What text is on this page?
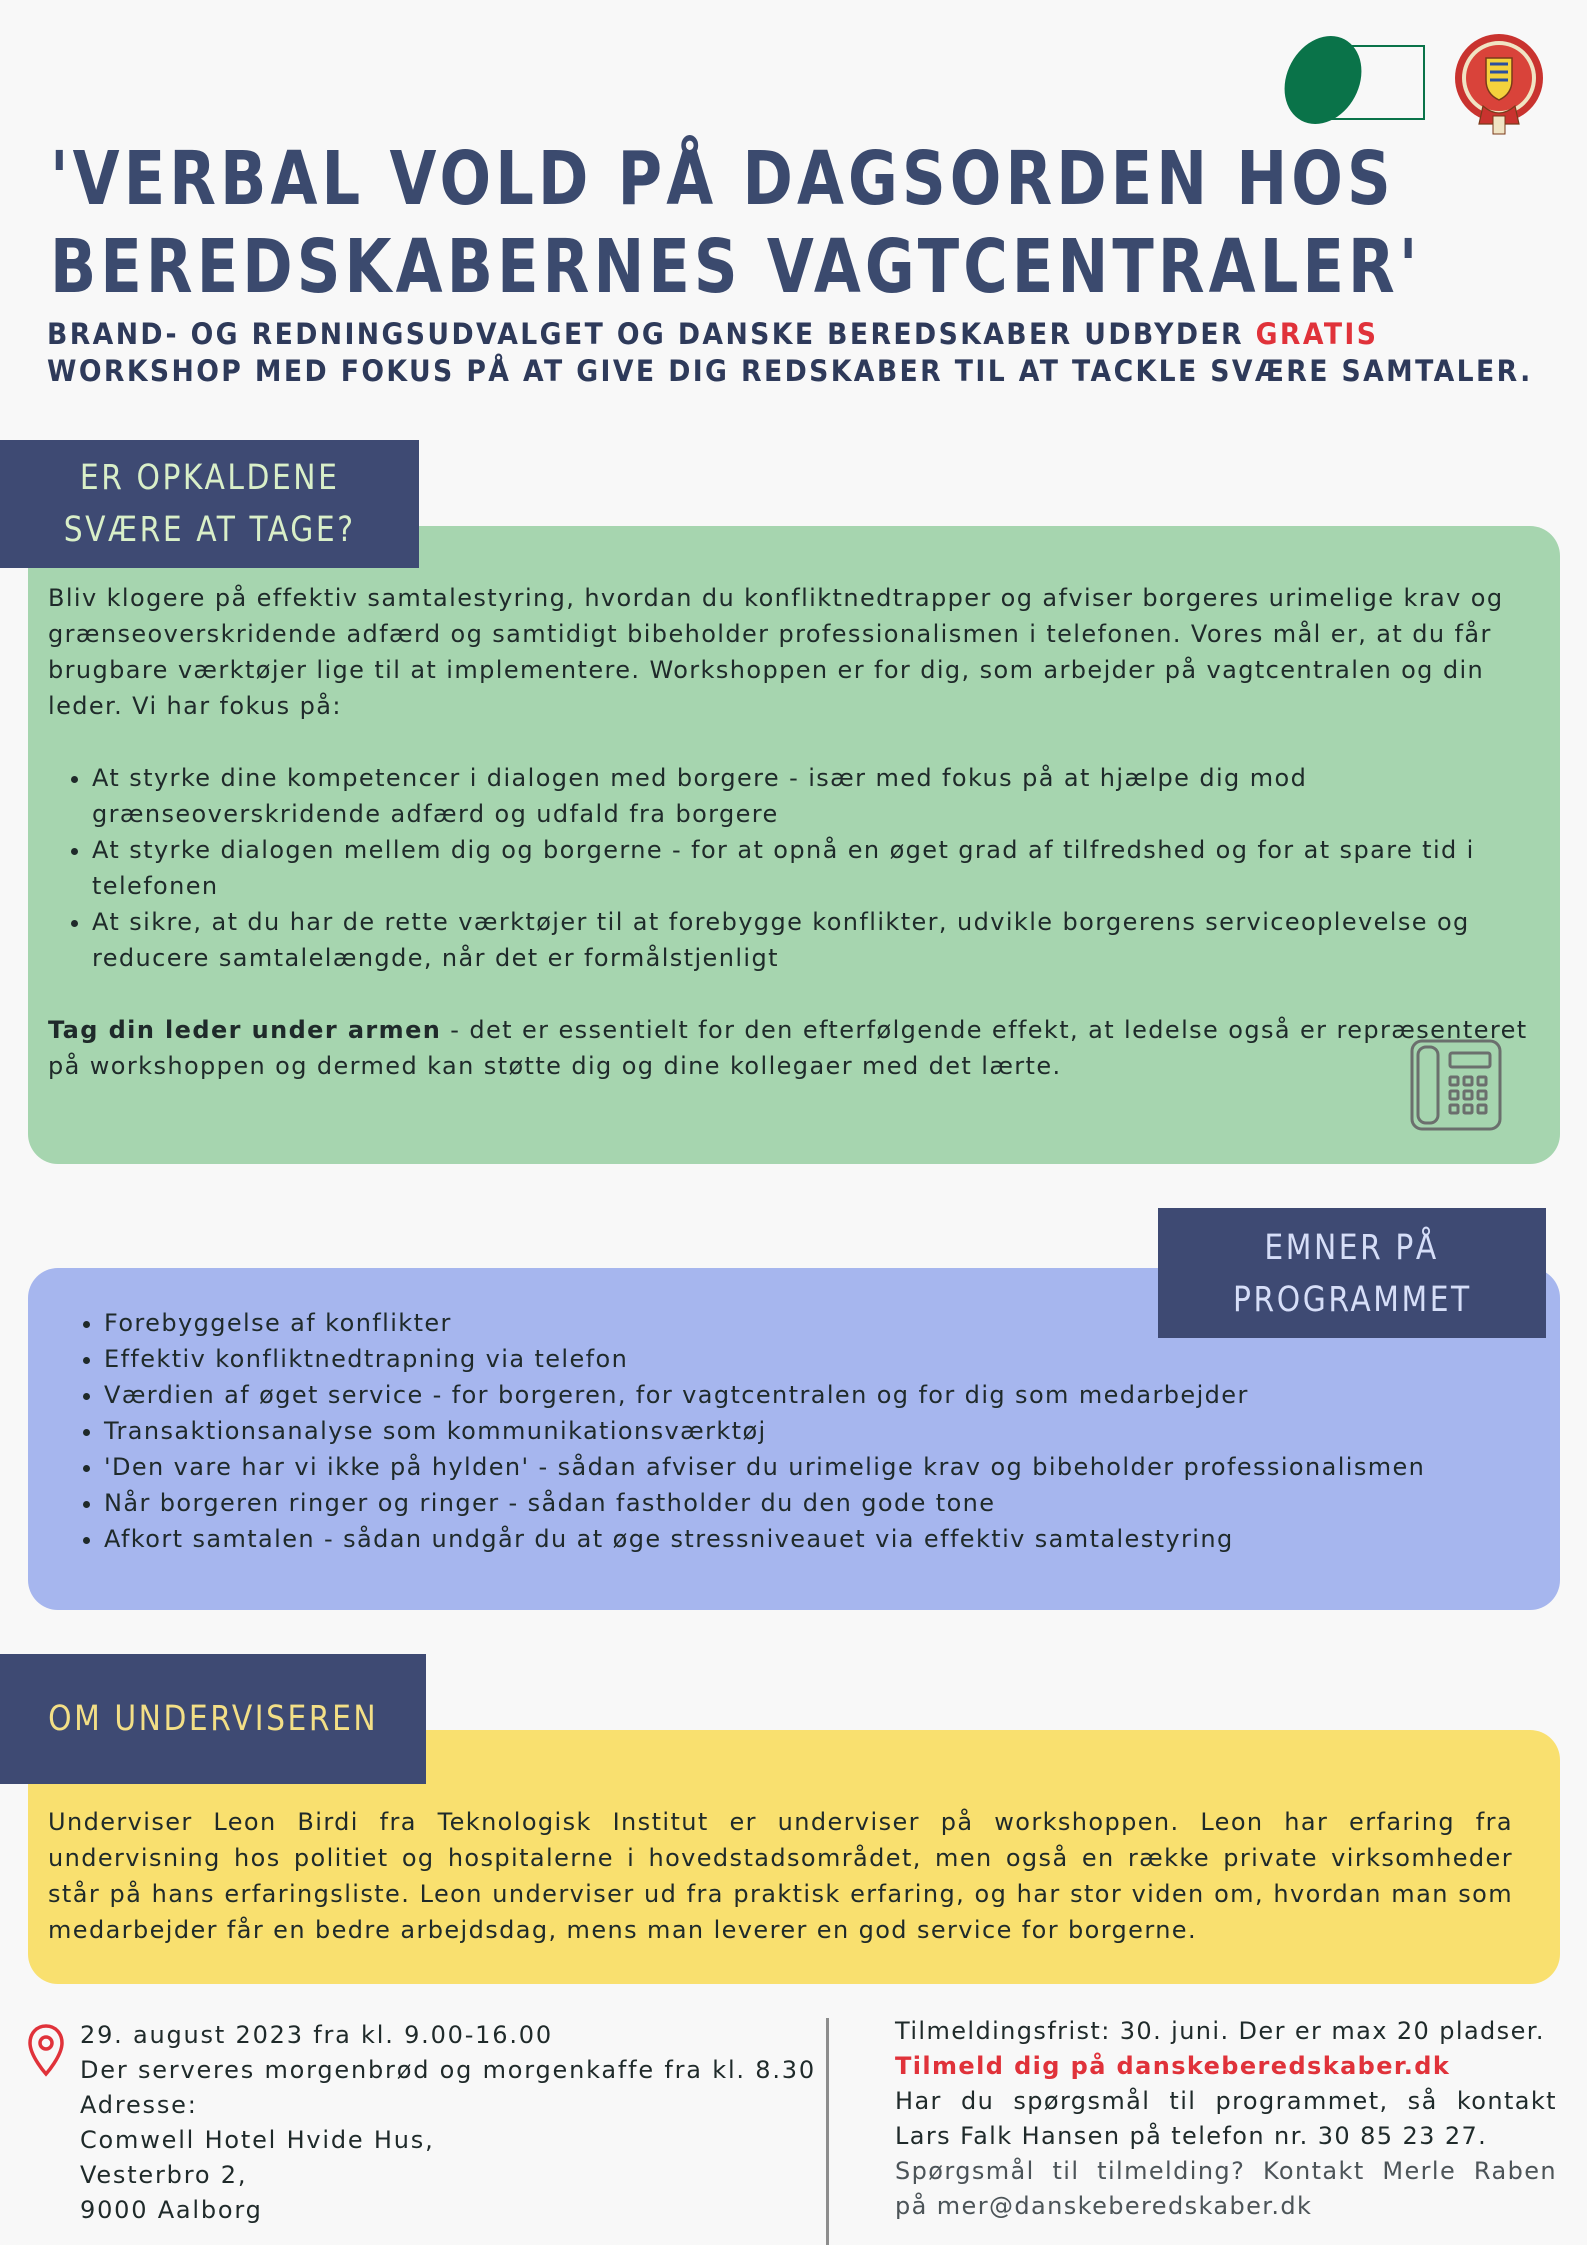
'VERBAL VOLD PÅ DAGSORDEN HOS
BEREDSKABERNES VAGTCENTRALER'
BRAND- OG REDNINGSUDVALGET OG DANSKE BEREDSKABER UDBYDER GRATIS
WORKSHOP MED FOKUS PÅ AT GIVE DIG REDSKABER TIL AT TACKLE SVÆRE SAMTALER.
ER OPKALDENE
SVÆRE AT TAGE?

Bliv klogere på effektiv samtalestyring, hvordan du konfliktnedtrapper og afviser borgeres urimelige krav og grænseoverskridende adfærd og samtidigt bibeholder professionalismen i telefonen. Vores mål er, at du får brugbare værktøjer lige til at implementere. Workshoppen er for dig, som arbejder på vagtcentralen og din leder. Vi har fokus på:

• At styrke dine kompetencer i dialogen med borgere - især med fokus på at hjælpe dig mod grænseoverskridende adfærd og udfald fra borgere
• At styrke dialogen mellem dig og borgerne - for at opnå en øget grad af tilfredshed og for at spare tid i telefonen
• At sikre, at du har de rette værktøjer til at forebygge konflikter, udvikle borgerens serviceoplevelse og reducere samtalelængde, når det er formålstjenligt

Tag din leder under armen - det er essentielt for den efterfølgende effekt, at ledelse også er repræsenteret på workshoppen og dermed kan støtte dig og dine kollegaer med det lærte.

EMNER PÅ
PROGRAMMET
• Forebyggelse af konflikter
• Effektiv konfliktnedtrapning via telefon
• Værdien af øget service - for borgeren, for vagtcentralen og for dig som medarbejder
• Transaktionsanalyse som kommunikationsværktøj
• 'Den vare har vi ikke på hylden' - sådan afviser du urimelige krav og bibeholder professionalismen
• Når borgeren ringer og ringer - sådan fastholder du den gode tone
• Afkort samtalen - sådan undgår du at øge stressniveauet via effektiv samtalestyring
OM UNDERVISEREN

Underviser Leon Birdi fra Teknologisk Institut er underviser på workshoppen. Leon har erfaring fra undervisning hos politiet og hospitalerne i hovedstadsområdet, men også en række private virksomheder står på hans erfaringsliste. Leon underviser ud fra praktisk erfaring, og har stor viden om, hvordan man som medarbejder får en bedre arbejdsdag, mens man leverer en god service for borgerne.

29. august 2023 fra kl. 9.00-16.00
Der serveres morgenbrød og morgenkaffe fra kl. 8.30
Adresse:
Comwell Hotel Hvide Hus,
Vesterbro 2,
9000 Aalborg
Tilmeldingsfrist: 30. juni. Der er max 20 pladser.
Tilmeld dig på danskeberedskaber.dk
Har du spørgsmål til programmet, så kontakt
Lars Falk Hansen på telefon nr. 30 85 23 27.
Spørgsmål til tilmelding? Kontakt Merle Raben
på mer@danskeberedskaber.dk
